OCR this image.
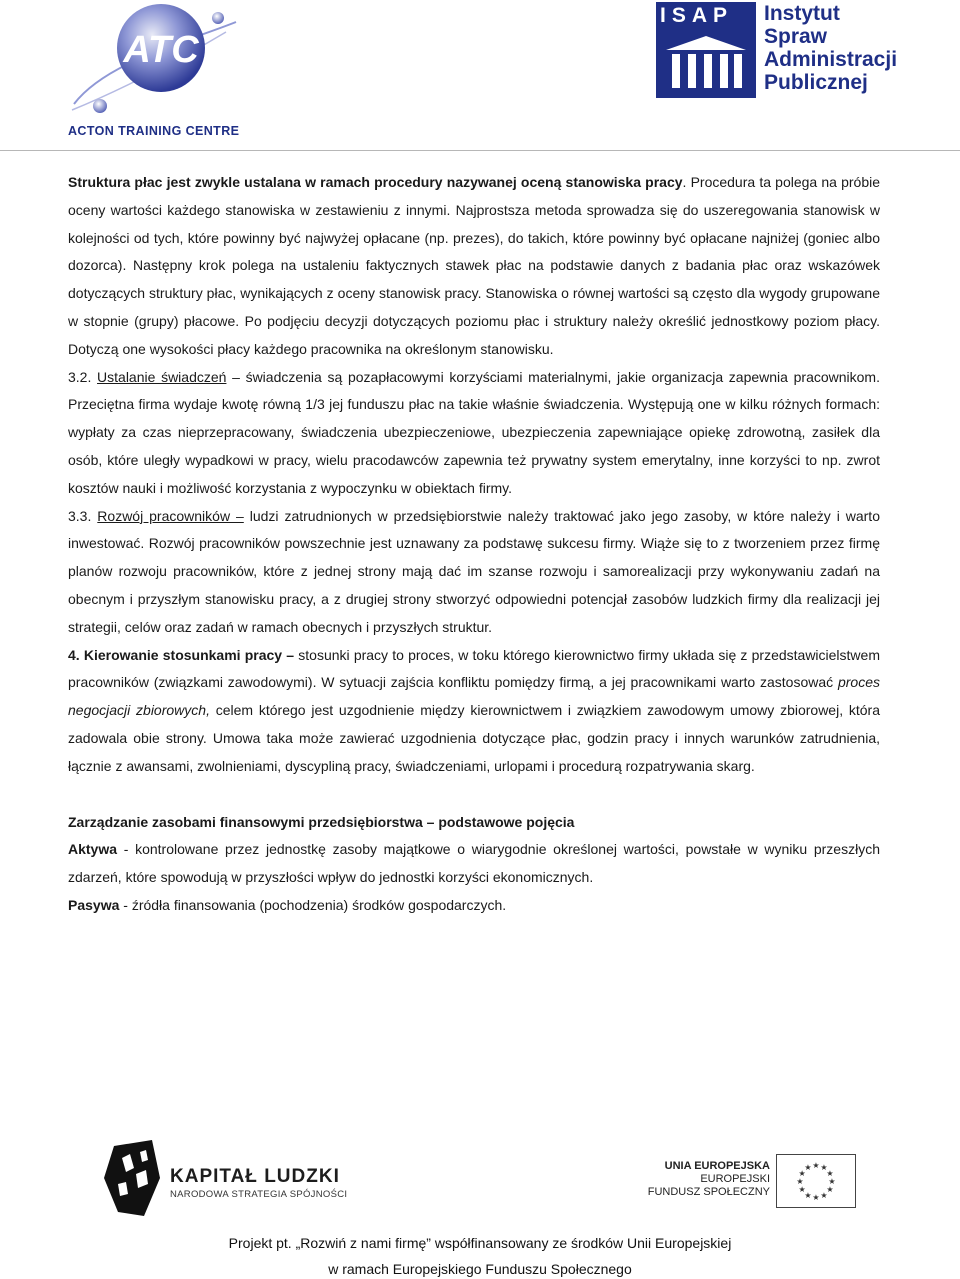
ATC
ACTON TRAINING CENTRE
ISAP Instytut
Spraw
Administracji
Publicznej

Struktura płac jest zwykle ustalana w ramach procedury nazywanej oceną stanowiska pracy. Procedura ta polega na próbie oceny wartości każdego stanowiska w zestawieniu z innymi. Najprostsza metoda sprowadza się do uszeregowania stanowisk w kolejności od tych, które powinny być najwyżej opłacane (np. prezes), do takich, które powinny być opłacane najniżej (goniec albo dozorca). Następny krok polega na ustaleniu faktycznych stawek płac na podstawie danych z badania płac oraz wskazówek dotyczących struktury płac, wynikających z oceny stanowisk pracy. Stanowiska o równej wartości są często dla wygody grupowane w stopnie (grupy) płacowe. Po podjęciu decyzji dotyczących poziomu płac i struktury należy określić jednostkowy poziom płacy. Dotyczą one wysokości płacy każdego pracownika na określonym stanowisku.

3.2. Ustalanie świadczeń – świadczenia są pozapłacowymi korzyściami materialnymi, jakie organizacja zapewnia pracownikom. Przeciętna firma wydaje kwotę równą 1/3 jej funduszu płac na takie właśnie świadczenia. Występują one w kilku różnych formach: wypłaty za czas nieprzepracowany, świadczenia ubezpieczeniowe, ubezpieczenia zapewniające opiekę zdrowotną, zasiłek dla osób, które uległy wypadkowi w pracy, wielu pracodawców zapewnia też prywatny system emerytalny, inne korzyści to np. zwrot kosztów nauki i możliwość korzystania z wypoczynku w obiektach firmy.

3.3. Rozwój pracowników – ludzi zatrudnionych w przedsiębiorstwie należy traktować jako jego zasoby, w które należy i warto inwestować. Rozwój pracowników powszechnie jest uznawany za podstawę sukcesu firmy. Wiąże się to z tworzeniem przez firmę planów rozwoju pracowników, które z jednej strony mają dać im szanse rozwoju i samorealizacji przy wykonywaniu zadań na obecnym i przyszłym stanowisku pracy, a z drugiej strony stworzyć odpowiedni potencjał zasobów ludzkich firmy dla realizacji jej strategii, celów oraz zadań w ramach obecnych i przyszłych struktur.

4. Kierowanie stosunkami pracy – stosunki pracy to proces, w toku którego kierownictwo firmy układa się z przedstawicielstwem pracowników (związkami zawodowymi). W sytuacji zajścia konfliktu pomiędzy firmą, a jej pracownikami warto zastosować proces negocjacji zbiorowych, celem którego jest uzgodnienie między kierownictwem i związkiem zawodowym umowy zbiorowej, która zadowala obie strony. Umowa taka może zawierać uzgodnienia dotyczące płac, godzin pracy i innych warunków zatrudnienia, łącznie z awansami, zwolnieniami, dyscypliną pracy, świadczeniami, urlopami i procedurą rozpatrywania skarg.

Zarządzanie zasobami finansowymi przedsiębiorstwa – podstawowe pojęcia

Aktywa - kontrolowane przez jednostkę zasoby majątkowe o wiarygodnie określonej wartości, powstałe w wyniku przeszłych zdarzeń, które spowodują w przyszłości wpływ do jednostki korzyści ekonomicznych.

Pasywa - źródła finansowania (pochodzenia) środków gospodarczych.

KAPITAŁ LUDZKI
NARODOWA STRATEGIA SPÓJNOŚCI
UNIA EUROPEJSKA
EUROPEJSKI
FUNDUSZ SPOŁECZNY
★ ★
★
★
★
★
★
★
★
★
★
★
Projekt pt. „Rozwiń z nami firmę” współfinansowany ze środków Unii Europejskiej
w ramach Europejskiego Funduszu Społecznego
